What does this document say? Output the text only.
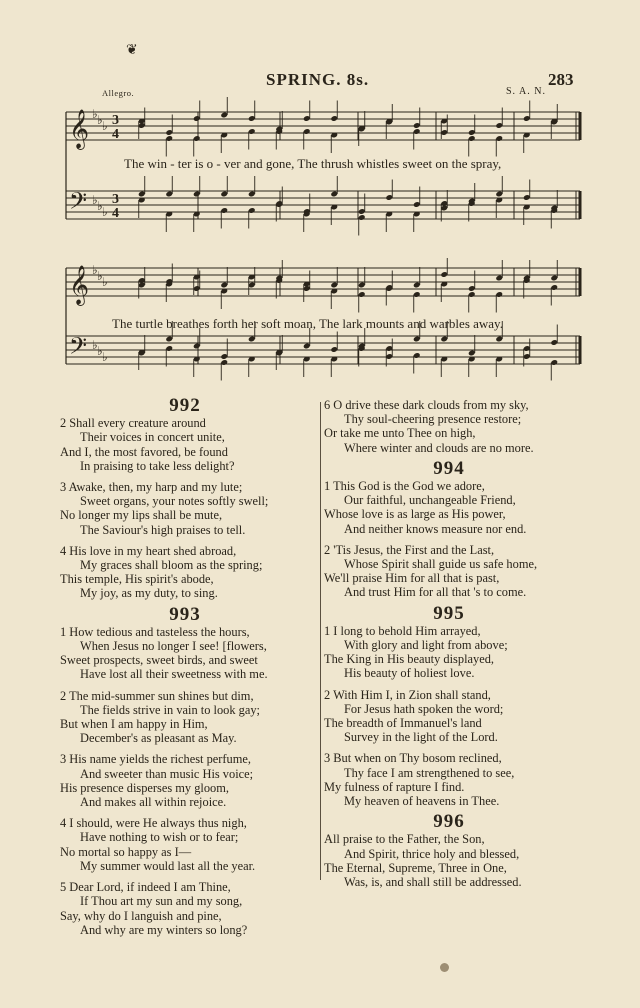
❦
SPRING. 8s.	283
Allegro.	S. A. N.
𝄞
𝄢
♭
♭
♭
♭
♭
♭
3
3
4
4
The win - ter is o - ver and gone, The thrush whistles sweet on the spray,
𝄞
𝄢
♭
♭
♭
♭
♭
♭
The turtle breathes forth her soft moan, The lark mounts and warbles away.
992
2 Shall every creature around
Their voices in concert unite,
And I, the most favored, be found
In praising to take less delight?
3 Awake, then, my harp and my lute;
Sweet organs, your notes softly swell;
No longer my lips shall be mute,
The Saviour's high praises to tell.
4 His love in my heart shed abroad,
My graces shall bloom as the spring;
This temple, His spirit's abode,
My joy, as my duty, to sing.
993
1 How tedious and tasteless the hours,
When Jesus no longer I see! [flowers,
Sweet prospects, sweet birds, and sweet
Have lost all their sweetness with me.
2 The mid-summer sun shines but dim,
The fields strive in vain to look gay;
But when I am happy in Him,
December's as pleasant as May.
3 His name yields the richest perfume,
And sweeter than music His voice;
His presence disperses my gloom,
And makes all within rejoice.
4 I should, were He always thus nigh,
Have nothing to wish or to fear;
No mortal so happy as I—
My summer would last all the year.
5 Dear Lord, if indeed I am Thine,
If Thou art my sun and my song,
Say, why do I languish and pine,
And why are my winters so long?
6 O drive these dark clouds from my sky,
Thy soul-cheering presence restore;
Or take me unto Thee on high,
Where winter and clouds are no more.
994
1 This God is the God we adore,
Our faithful, unchangeable Friend,
Whose love is as large as His power,
And neither knows measure nor end.
2 'Tis Jesus, the First and the Last,
Whose Spirit shall guide us safe home,
We'll praise Him for all that is past,
And trust Him for all that 's to come.
995
1 I long to behold Him arrayed,
With glory and light from above;
The King in His beauty displayed,
His beauty of holiest love.
2 With Him I, in Zion shall stand,
For Jesus hath spoken the word;
The breadth of Immanuel's land
Survey in the light of the Lord.
3 But when on Thy bosom reclined,
Thy face I am strengthened to see,
My fulness of rapture I find.
My heaven of heavens in Thee.
996
All praise to the Father, the Son,
And Spirit, thrice holy and blessed,
The Eternal, Supreme, Three in One,
Was, is, and shall still be addressed.
